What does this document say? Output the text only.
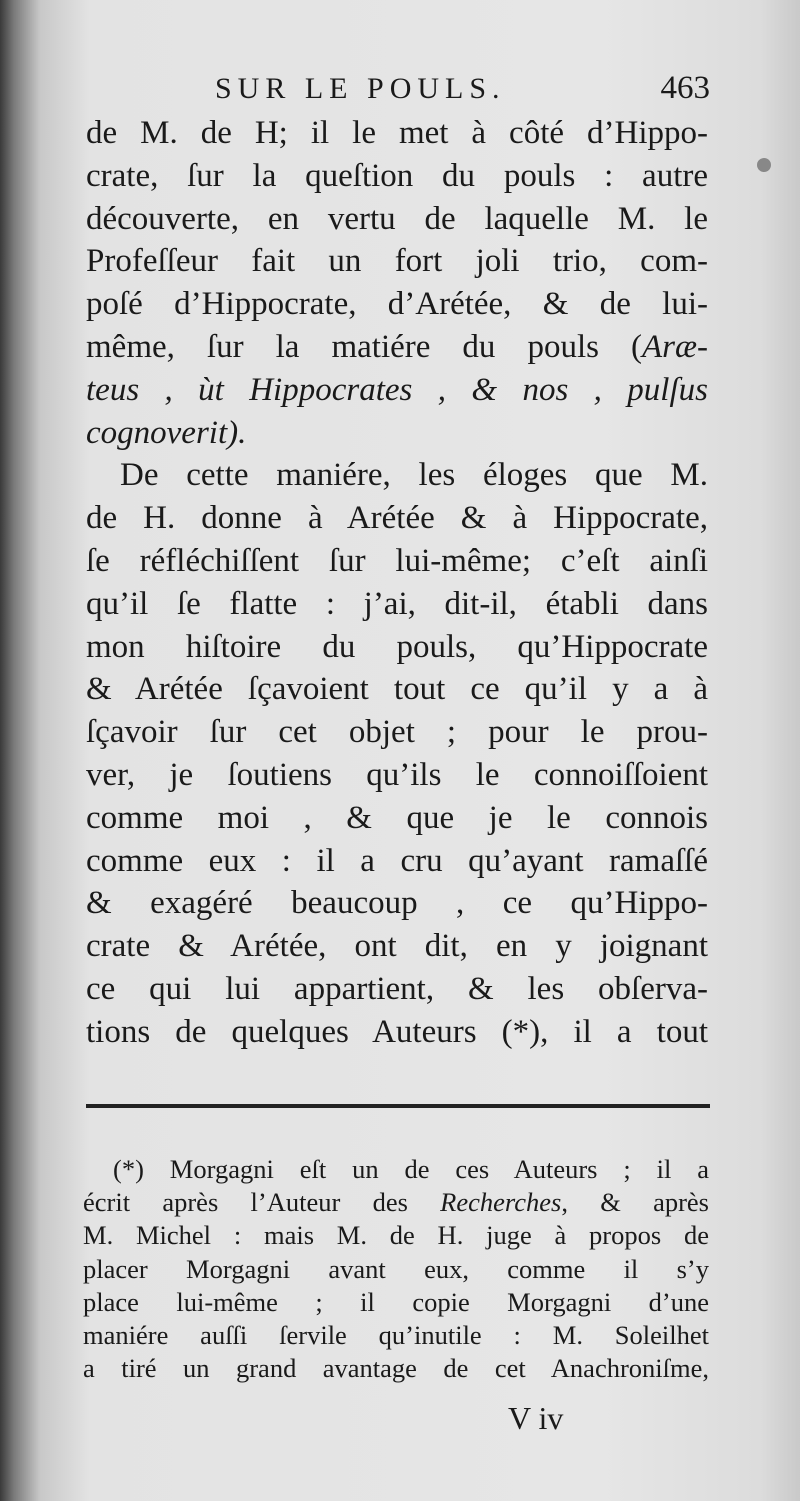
SUR LE POULS.	463
de M. de H; il le met à côté d’Hippo-
crate, ſur la queſtion du pouls : autre
découverte, en vertu de laquelle M. le
Profeſſeur fait un fort joli trio, com-
poſé d’Hippocrate, d’Arétée, & de lui-
même, ſur la matiére du pouls (Aræ-
teus , ùt Hippocrates , & nos , pulſus
cognoverit).
De cette maniére, les éloges que M.
de H. donne à Arétée & à Hippocrate,
ſe réfléchiſſent ſur lui-même; c’eſt ainſi
qu’il ſe flatte : j’ai, dit-il, établi dans
mon hiſtoire du pouls, qu’Hippocrate
& Arétée ſçavoient tout ce qu’il y a à
ſçavoir ſur cet objet ; pour le prou-
ver, je ſoutiens qu’ils le connoiſſoient
comme moi , & que je le connois
comme eux : il a cru qu’ayant ramaſſé
& exagéré beaucoup , ce qu’Hippo-
crate & Arétée, ont dit, en y joignant
ce qui lui appartient, & les obſerva-
tions de quelques Auteurs (*), il a tout
(*) Morgagni eſt un de ces Auteurs ; il a
écrit après l’Auteur des Recherches, & après
M. Michel : mais M. de H. juge à propos de
placer Morgagni avant eux, comme il s’y
place lui-même ; il copie Morgagni d’une
maniére auſſi ſervile qu’inutile : M. Soleilhet
a tiré un grand avantage de cet Anachroniſme,
V iv
